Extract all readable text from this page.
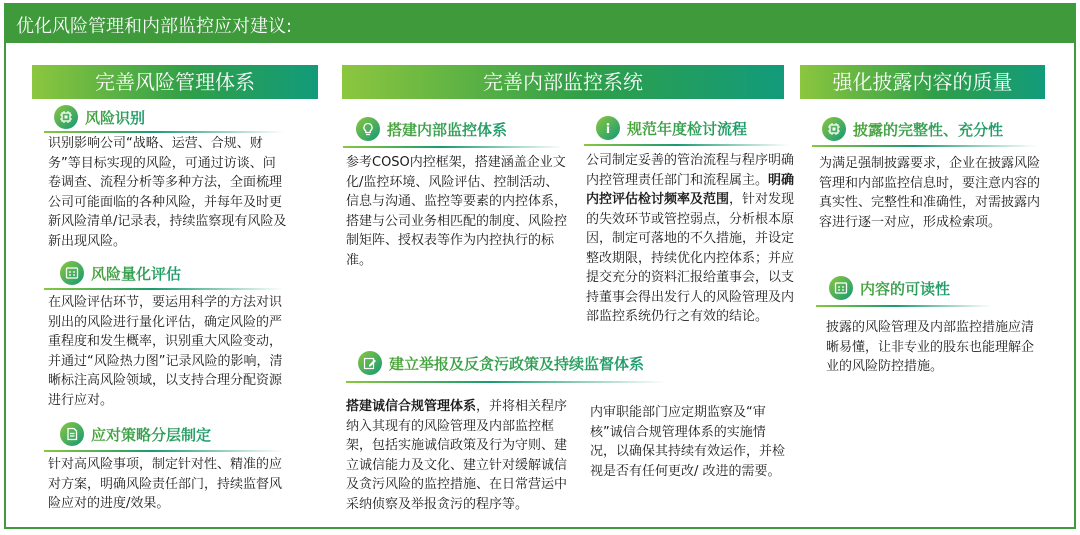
优化风险管理和内部监控应对建议:
完善风险管理体系	完善内部监控系统	强化披露内容的质量
风险识别
识别影响公司“战略、运营、合规、财务”等目标实现的风险，可通过访谈、问卷调查、流程分析等多种方法，全面梳理公司可能面临的各种风险，并每年及时更新风险清单/记录表，持续监察现有风险及新出现风险。
风险量化评估
在风险评估环节，要运用科学的方法对识别出的风险进行量化评估，确定风险的严重程度和发生概率，识别重大风险变动，并通过“风险热力图”记录风险的影响，清晰标注高风险领域，以支持合理分配资源进行应对。
应对策略分层制定
针对高风险事项，制定针对性、精准的应对方案，明确风险责任部门，持续监督风险应对的进度/效果。
搭建内部监控体系
参考COSO内控框架，搭建涵盖企业文化/监控环境、风险评估、控制活动、信息与沟通、监控等要素的内控体系，搭建与公司业务相匹配的制度、风险控制矩阵、授权表等作为内控执行的标准。
规范年度检讨流程
公司制定妥善的管治流程与程序明确内控管理责任部门和流程属主。明确内控评估检讨频率及范围，针对发现的失效环节或管控弱点，分析根本原因，制定可落地的不久措施，并设定整改期限，持续优化内控体系；并应提交充分的资料汇报给董事会，以支持董事会得出发行人的风险管理及内部监控系统仍行之有效的结论。
建立举报及反贪污政策及持续监督体系
搭建诚信合规管理体系，并将相关程序纳入其现有的风险管理及内部监控框架，包括实施诚信政策及行为守则、建立诚信能力及文化、建立针对缓解诚信及贪污风险的监控措施、在日常营运中采纳侦察及举报贪污的程序等。
内审职能部门应定期监察及“审核”诚信合规管理体系的实施情况，以确保其持续有效运作，并检视是否有任何更改/ 改进的需要。
披露的完整性、充分性
为满足强制披露要求，企业在披露风险管理和内部监控信息时，要注意内容的真实性、完整性和准确性，对需披露内容进行逐一对应，形成检索项。
内容的可读性
披露的风险管理及内部监控措施应清晰易懂，让非专业的股东也能理解企业的风险防控措施。
